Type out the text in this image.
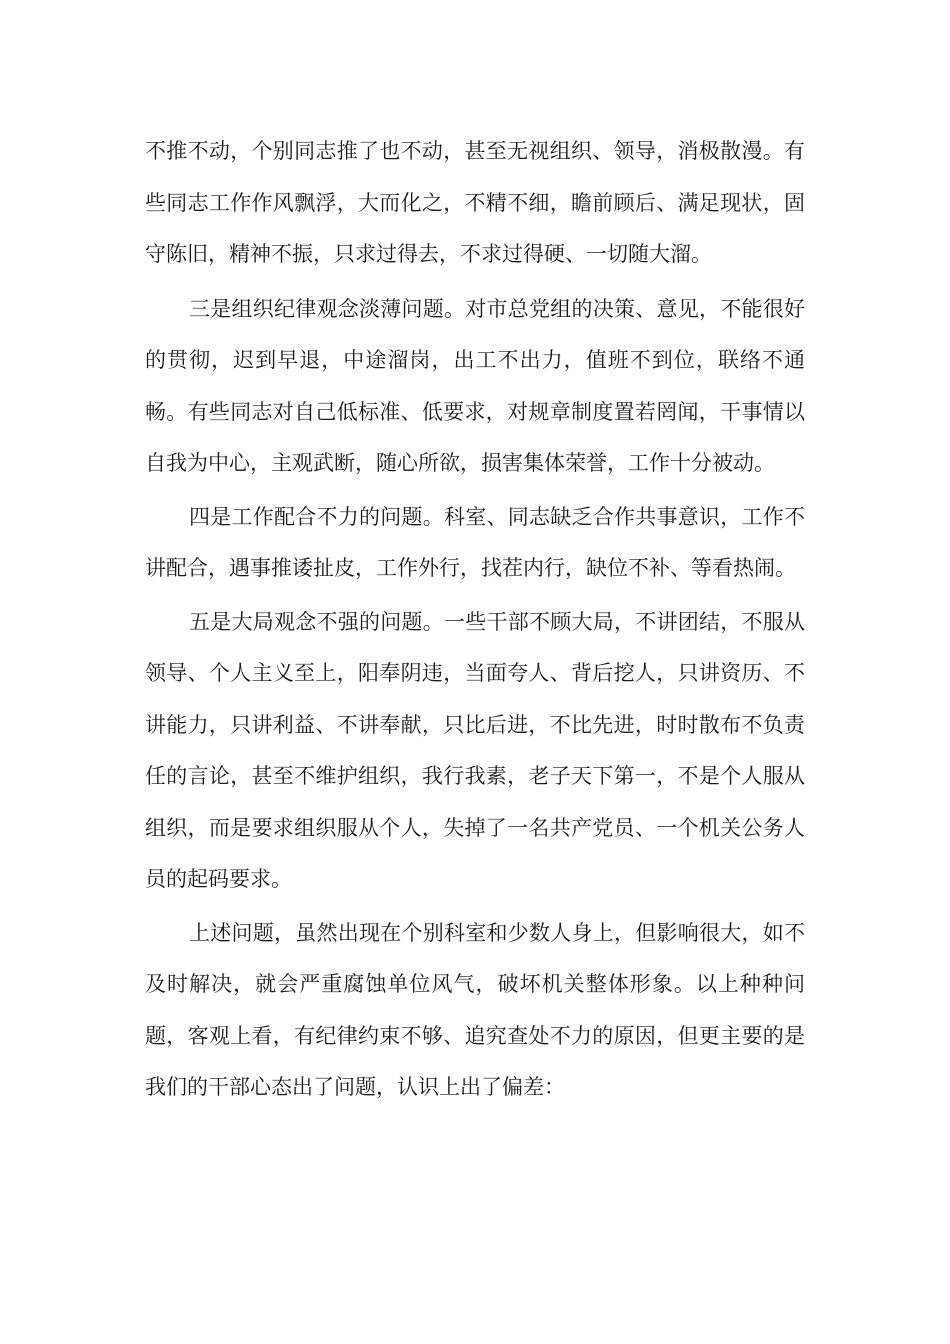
不推不动，个别同志推了也不动，甚至无视组织、领导，消极散漫。有些同志工作作风飘浮，大而化之，不精不细，瞻前顾后、满足现状，固守陈旧，精神不振，只求过得去，不求过得硬、一切随大溜。

三是组织纪律观念淡薄问题。对市总党组的决策、意见，不能很好的贯彻，迟到早退，中途溜岗，出工不出力，值班不到位，联络不通畅。有些同志对自己低标准、低要求，对规章制度置若罔闻，干事情以自我为中心，主观武断，随心所欲，损害集体荣誉，工作十分被动。

四是工作配合不力的问题。科室、同志缺乏合作共事意识，工作不讲配合，遇事推诿扯皮，工作外行，找茬内行，缺位不补、等看热闹。

五是大局观念不强的问题。一些干部不顾大局，不讲团结，不服从领导、个人主义至上，阳奉阴违，当面夸人、背后挖人，只讲资历、不讲能力，只讲利益、不讲奉献，只比后进，不比先进，时时散布不负责任的言论，甚至不维护组织，我行我素，老子天下第一，不是个人服从组织，而是要求组织服从个人，失掉了一名共产党员、一个机关公务人员的起码要求。

上述问题，虽然出现在个别科室和少数人身上，但影响很大，如不及时解决，就会严重腐蚀单位风气，破坏机关整体形象。以上种种问题，客观上看，有纪律约束不够、追究查处不力的原因，但更主要的是我们的干部心态出了问题，认识上出了偏差：
